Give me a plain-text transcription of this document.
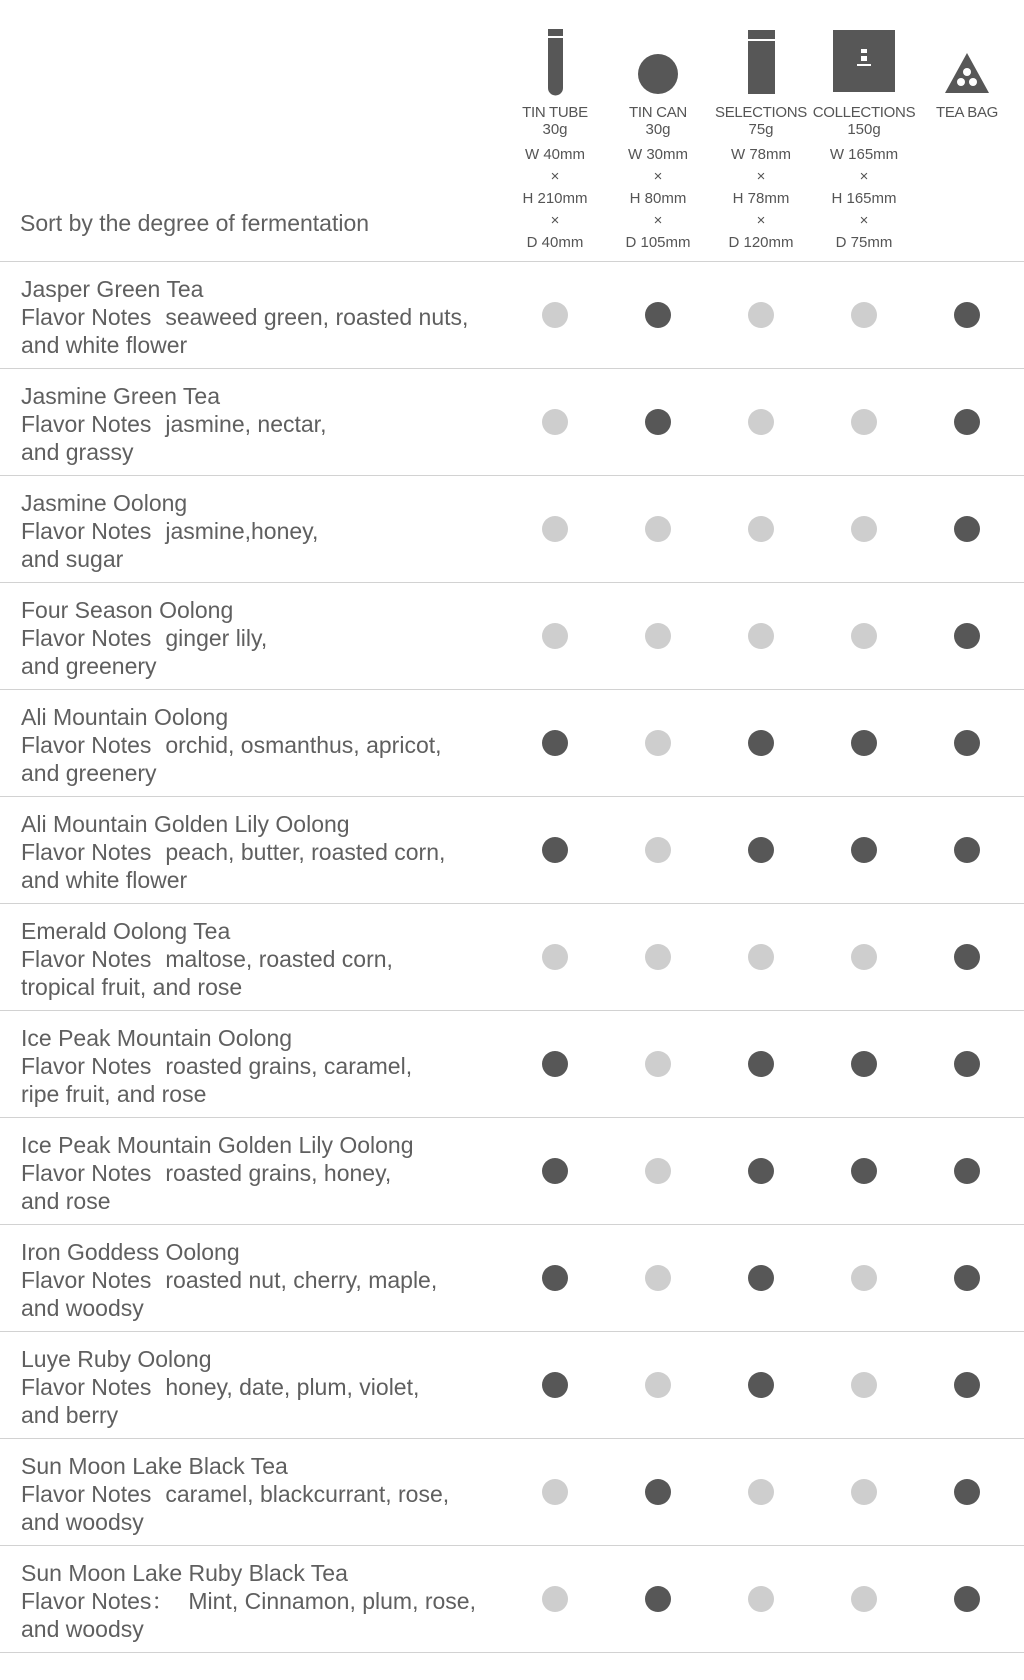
Sort by the degree of fermentation
TIN TUBE
30g
W 40mm
×
H 210mm
×
D 40mm
TIN CAN
30g
W 30mm
×
H 80mm
×
D 105mm
SELECTIONS
75g
W 78mm
×
H 78mm
×
D 120mm
COLLECTIONS
150g
W 165mm
×
H 165mm
×
D 75mm
TEA BAG
Jasper Green Tea
Flavor Notes seaweed green, roasted nuts,
and white flower
Jasmine Green Tea
Flavor Notes jasmine, nectar,
and grassy
Jasmine Oolong
Flavor Notes jasmine,honey,
and sugar
Four Season Oolong
Flavor Notes ginger lily,
and greenery
Ali Mountain Oolong
Flavor Notes orchid, osmanthus, apricot,
and greenery
Ali Mountain Golden Lily Oolong
Flavor Notes peach, butter, roasted corn,
and white flower
Emerald Oolong Tea
Flavor Notes maltose, roasted corn,
tropical fruit, and rose
Ice Peak Mountain Oolong
Flavor Notes roasted grains, caramel,
ripe fruit, and rose
Ice Peak Mountain Golden Lily Oolong
Flavor Notes roasted grains, honey,
and rose
Iron Goddess Oolong
Flavor Notes roasted nut, cherry, maple,
and woodsy
Luye Ruby Oolong
Flavor Notes honey, date, plum, violet,
and berry
Sun Moon Lake Black Tea
Flavor Notes caramel, blackcurrant, rose,
and woodsy
Sun Moon Lake Ruby Black Tea
Flavor Notes： Mint, Cinnamon, plum, rose,
and woodsy
